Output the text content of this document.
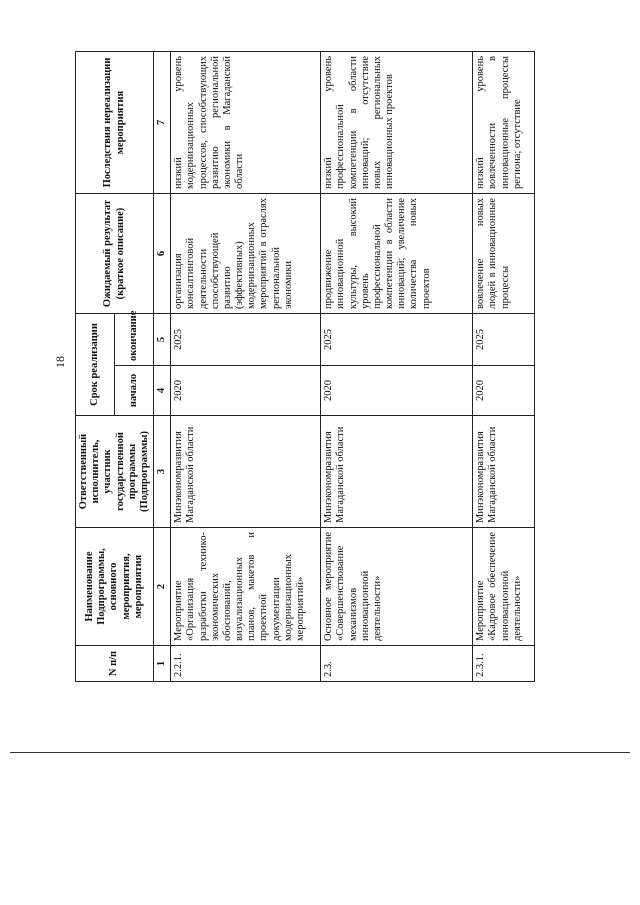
18
N п/п	Наименование Подпрограммы, основного мероприятия, мероприятия	Ответственный исполнитель, участник государственной программы (Подпрограммы)	Срок реализации		Ожидаемый результат (краткое описание)	Последствия нереализации мероприятия
			начало	окончание		
1	2	3	4	5	6	7
2.2.1.	Мероприятие «Организация разработки технико-экономических обоснований, визуализационных планов, макетов и проектной документации модернизационных мероприятий»	Минэкономразвития Магаданской области	2020	2025	организация консалтинговой деятельности способствующей развитию (эффективных) модернизационных мероприятий в отраслях региональной экономики	низкий уровень модернизационных процессов, способствующих развитию региональной экономики в Магаданской области
2.3.	Основное мероприятие «Совершенствование механизмов инновационной деятельности»	Минэкономразвития Магаданской области	2020	2025	продвижение инновационной культуры, высокий уровень профессиональной компетенции в области инноваций; увеличение количества новых проектов	низкий уровень профессиональной компетенции в области инноваций; отсутствие новых региональных инновационных проектов
2.3.1.	Мероприятие «Кадровое обеспечение инновационной деятельности»	Минэкономразвития Магаданской области	2020	2025	вовлечение новых людей в инновационные процессы	низкий уровень вовлеченности в инновационные процессы региона; отсутствие
